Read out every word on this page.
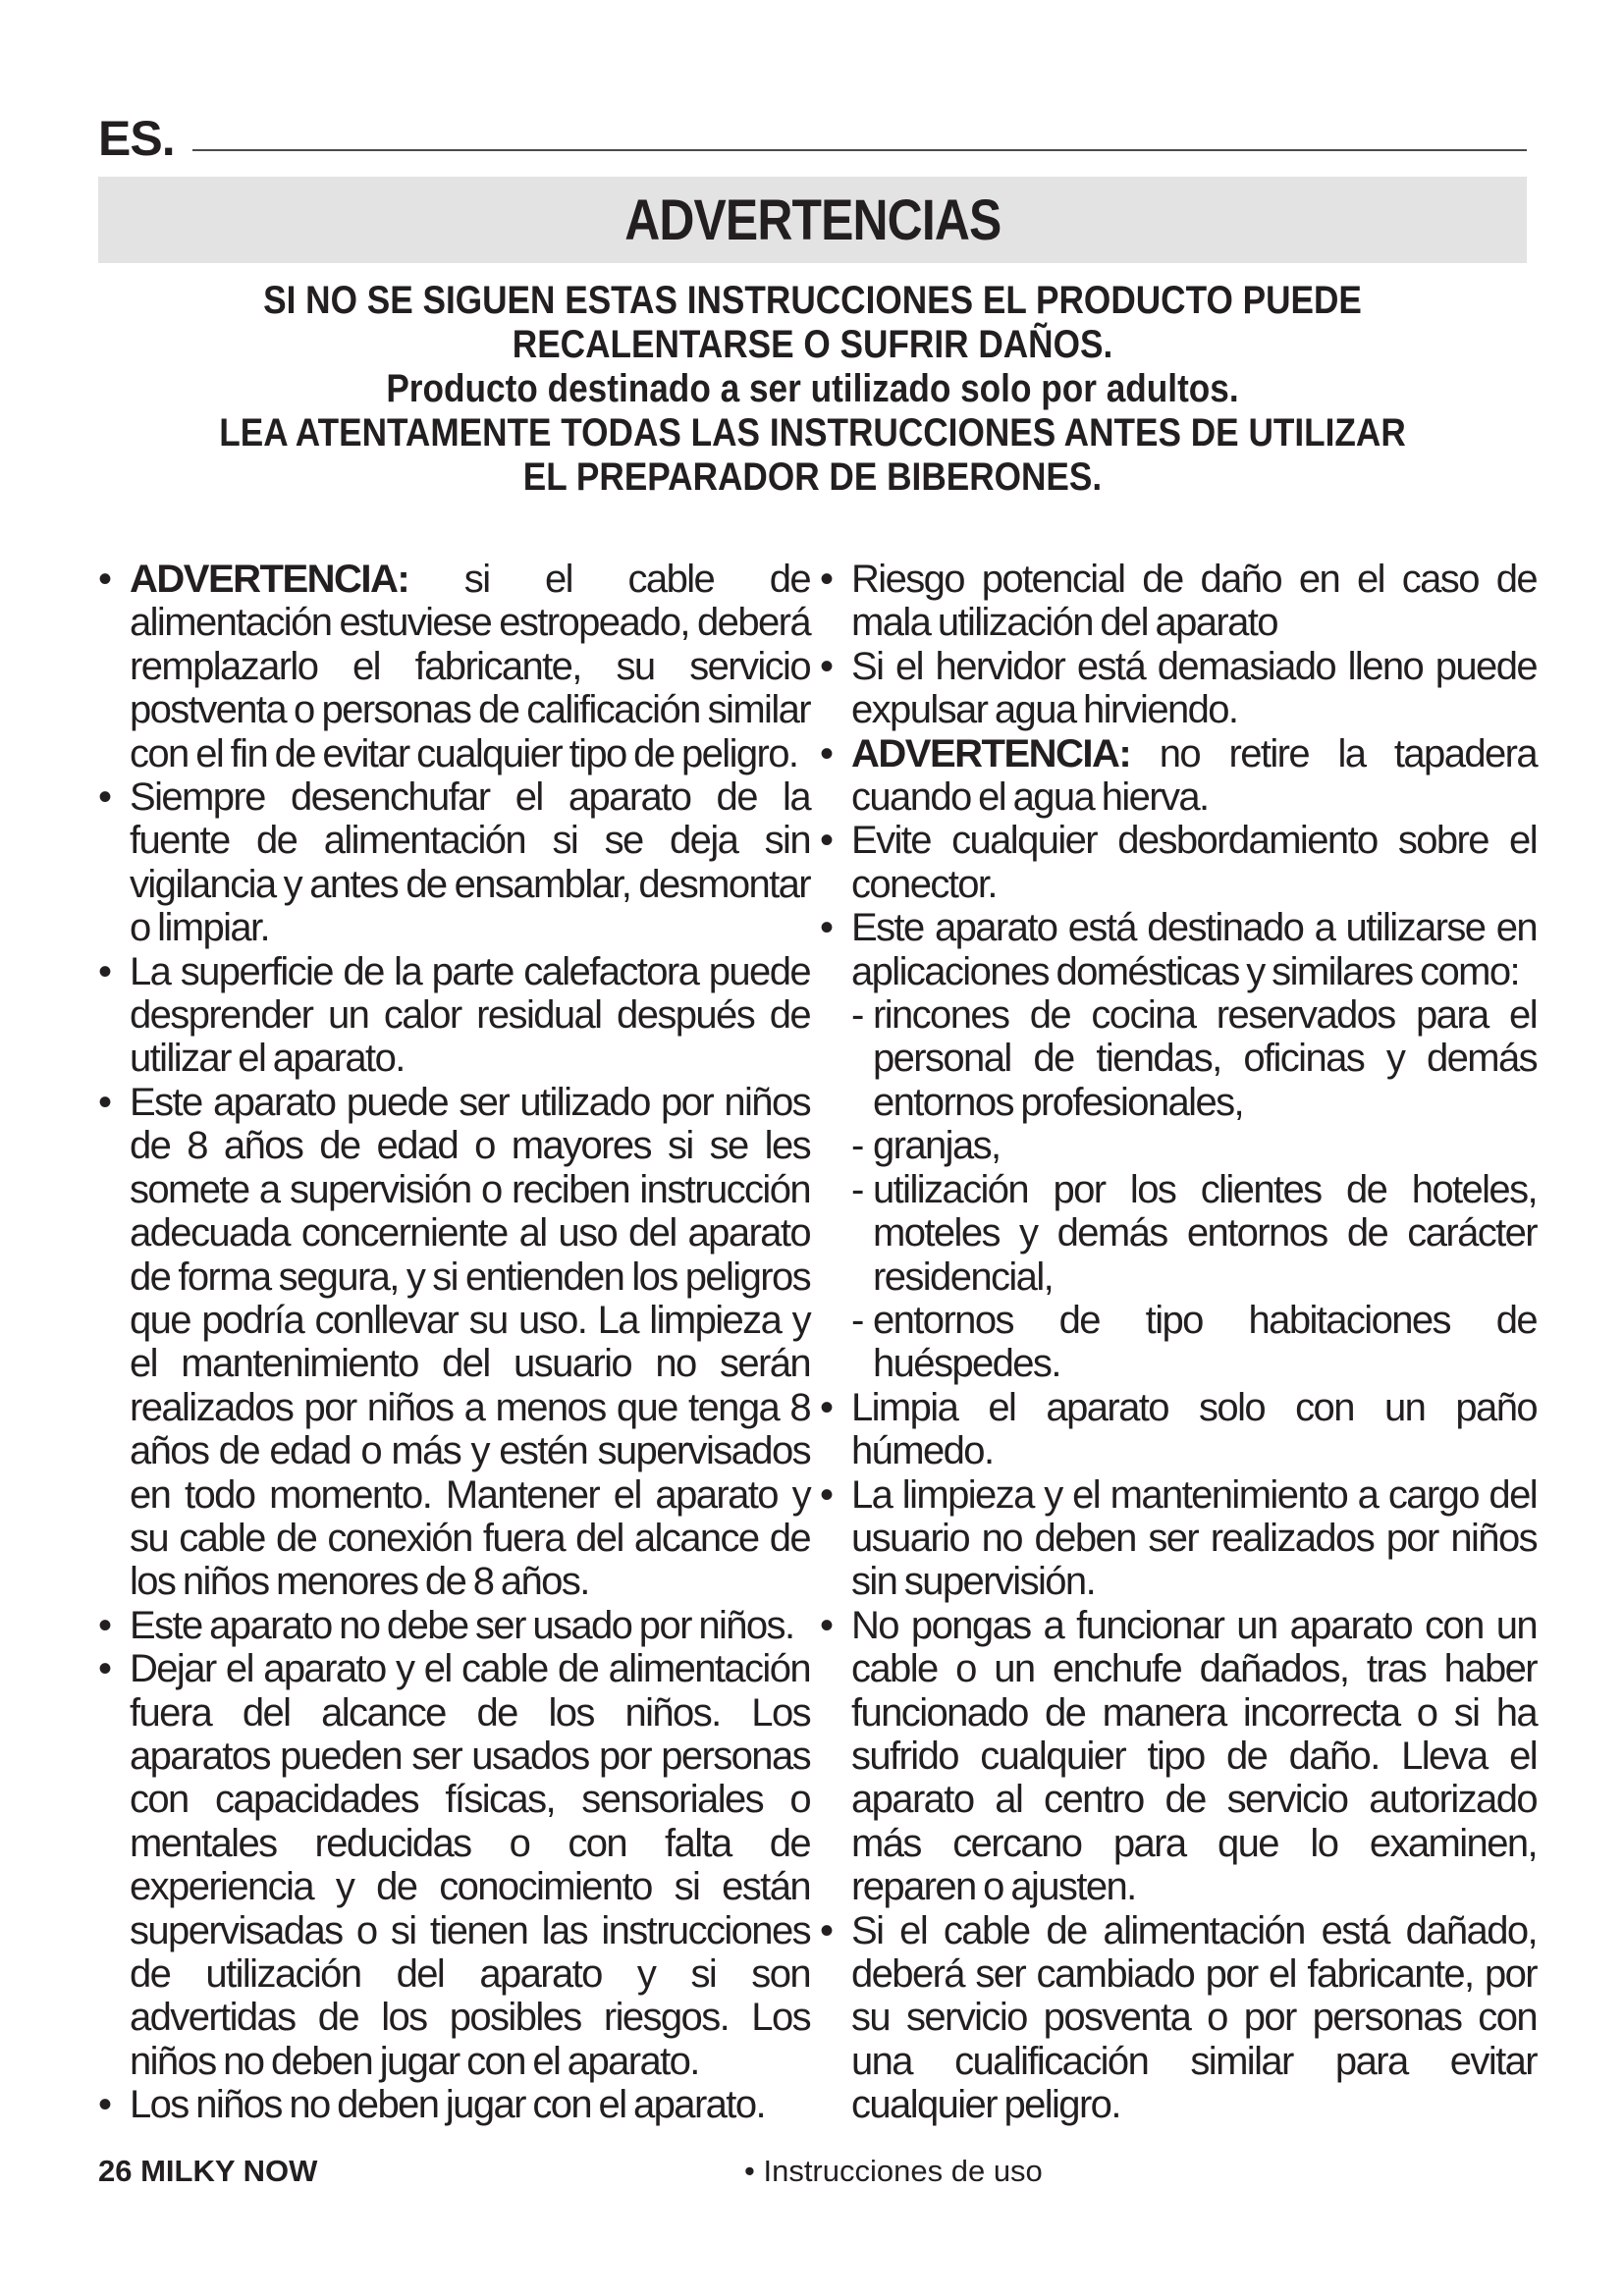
ES.
ADVERTENCIAS

SI NO SE SIGUEN ESTAS INSTRUCCIONES EL PRODUCTO PUEDE

RECALENTARSE O SUFRIR DAÑOS.

Producto destinado a ser utilizado solo por adultos.

LEA ATENTAMENTE TODAS LAS INSTRUCCIONES ANTES DE UTILIZAR

EL PREPARADOR DE BIBERONES.

• ADVERTENCIA: si el cable de alimentación estuviese estropeado, deberá remplazarlo el fabricante, su servicio postventa o personas de calificación similar con el fin de evitar cualquier tipo de peligro.
• Siempre desenchufar el aparato de la fuente de alimentación si se deja sin vigilancia y antes de ensamblar, desmontar o limpiar.
• La superficie de la parte calefactora puede desprender un calor residual después de utilizar el aparato.
• Este aparato puede ser utilizado por niños de 8 años de edad o mayores si se les somete a supervisión o reciben instrucción adecuada concerniente al uso del aparato de forma segura, y si entienden los peligros que podría conllevar su uso. La limpieza y el mantenimiento del usuario no serán realizados por niños a menos que tenga 8 años de edad o más y estén supervisados en todo momento. Mantener el aparato y su cable de conexión fuera del alcance de los niños menores de 8 años.
• Este aparato no debe ser usado por niños.
• Dejar el aparato y el cable de alimentación fuera del alcance de los niños. Los aparatos pueden ser usados por personas con capacidades físicas, sensoriales o mentales reducidas o con falta de experiencia y de conocimiento si están supervisadas o si tienen las instrucciones de utilización del aparato y si son advertidas de los posibles riesgos. Los niños no deben jugar con el aparato.
• Los niños no deben jugar con el aparato.
• Riesgo potencial de daño en el caso de mala utilización del aparato
• Si el hervidor está demasiado lleno puede expulsar agua hirviendo.
• ADVERTENCIA: no retire la tapadera cuando el agua hierva.
• Evite cualquier desbordamiento sobre el conector.
• Este aparato está destinado a utilizarse en aplicaciones domésticas y similares como:
- rincones de cocina reservados para el personal de tiendas, oficinas y demás entornos profesionales,
- granjas,
- utilización por los clientes de hoteles, moteles y demás entornos de carácter residencial,
- entornos de tipo habitaciones de huéspedes.
• Limpia el aparato solo con un paño húmedo.
• La limpieza y el mantenimiento a cargo del usuario no deben ser realizados por niños sin supervisión.
• No pongas a funcionar un aparato con un cable o un enchufe dañados, tras haber funcionado de manera incorrecta o si ha sufrido cualquier tipo de daño. Lleva el aparato al centro de servicio autorizado más cercano para que lo examinen, reparen o ajusten.
• Si el cable de alimentación está dañado, deberá ser cambiado por el fabricante, por su servicio posventa o por personas con una cualificación similar para evitar cualquier peligro.
26 MILKY NOW	• Instrucciones de uso
